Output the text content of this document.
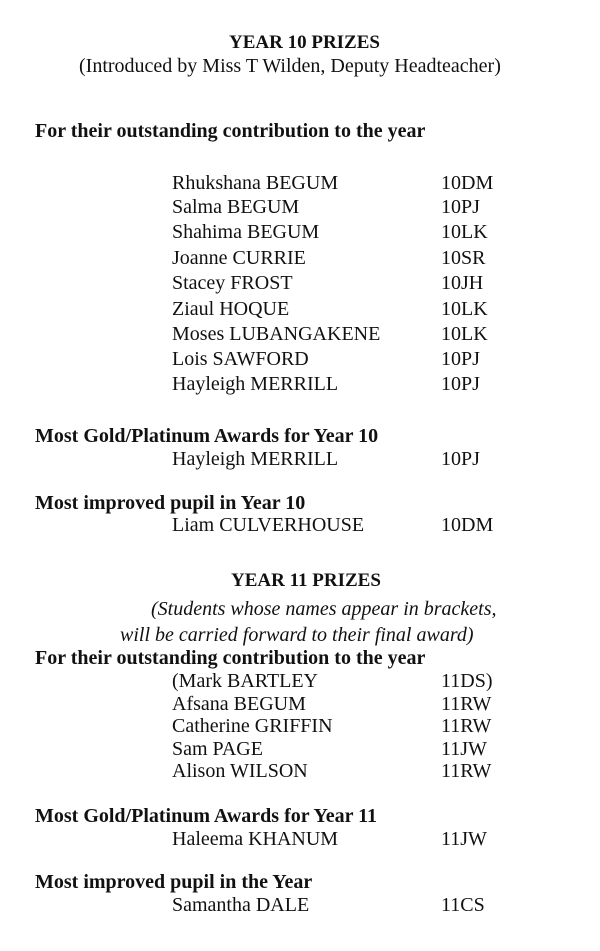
YEAR 10 PRIZES
(Introduced by Miss T Wilden, Deputy Headteacher)
For their outstanding contribution to the year
Rhukshana BEGUM	10DM
Salma BEGUM	10PJ
Shahima BEGUM	10LK
Joanne CURRIE	10SR
Stacey FROST	10JH
Ziaul HOQUE	10LK
Moses LUBANGAKENE	10LK
Lois SAWFORD	10PJ
Hayleigh MERRILL	10PJ
Most Gold/Platinum Awards for Year 10
Hayleigh MERRILL	10PJ
Most improved pupil in Year 10
Liam CULVERHOUSE	10DM
YEAR 11 PRIZES
(Students whose names appear in brackets,
will be carried forward to their final award)
For their outstanding contribution to the year
(Mark BARTLEY	11DS)
Afsana BEGUM	11RW
Catherine GRIFFIN	11RW
Sam PAGE	11JW
Alison WILSON	11RW
Most Gold/Platinum Awards for Year 11
Haleema KHANUM	11JW
Most improved pupil in the Year
Samantha DALE	11CS
